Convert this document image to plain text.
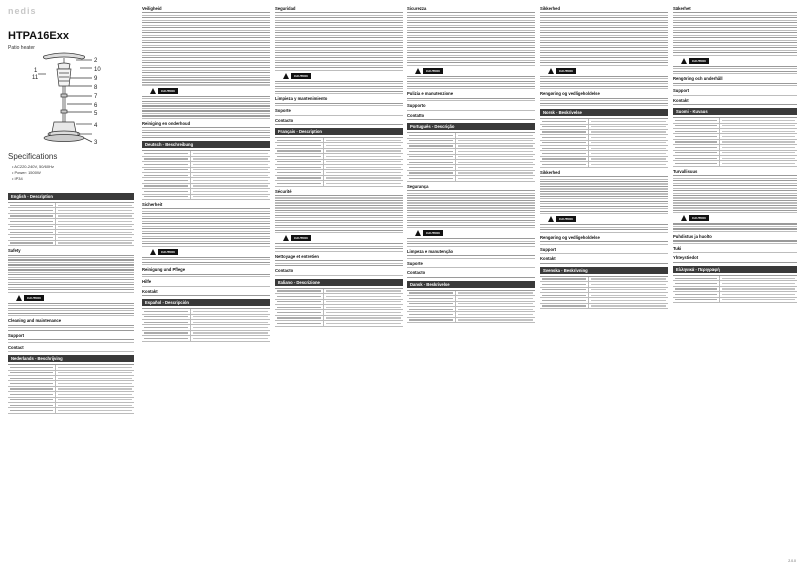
nedis
HTPA16Exx
Patio heater
2
1
11
10
9
8
7
6
5
4
3
Specifications
• AC220-240V, 50/60Hz
• Power: 1500W
• IP34
English - Description
Safety
CAUTION
Cleaning and maintenance
Support
Contact
Nederlands - Beschrijving
Veiligheid
CAUTION
Reiniging en onderhoud
Deutsch - Beschreibung
Sicherheit
CAUTION
Reinigung und Pflege
Hilfe
Kontakt
Español - Descripción
Seguridad
CAUTION
Limpieza y mantenimiento
Soporte
Contacto
Français - Description
Sécurité
CAUTION
Nettoyage et entretien
Contacto
Italiano - Descrizione
Sicurezza
CAUTION
Pulizia e manutenzione
Supporto
Contatto
Português - Descrição
Segurança
CAUTION
Limpeza e manutenção
Suporte
Contacto
Dansk - Beskrivelse
Sikkerhed
CAUTION
Rengøring og vedligeholdelse
Norsk - Beskrivelse
Sikkerhed
CAUTION
Rengøring og vedligeholdelse
Support
Kontakt
Svenska - Beskrivning
Säkerhet
CAUTION
Rengöring och underhåll
Support
Kontakt
Suomi - Kuvaus
Turvallisuus
CAUTION
Puhdistus ja huolto
Tuki
Yhteystiedot
Ελληνικά - Περιγραφή
2.0.0
